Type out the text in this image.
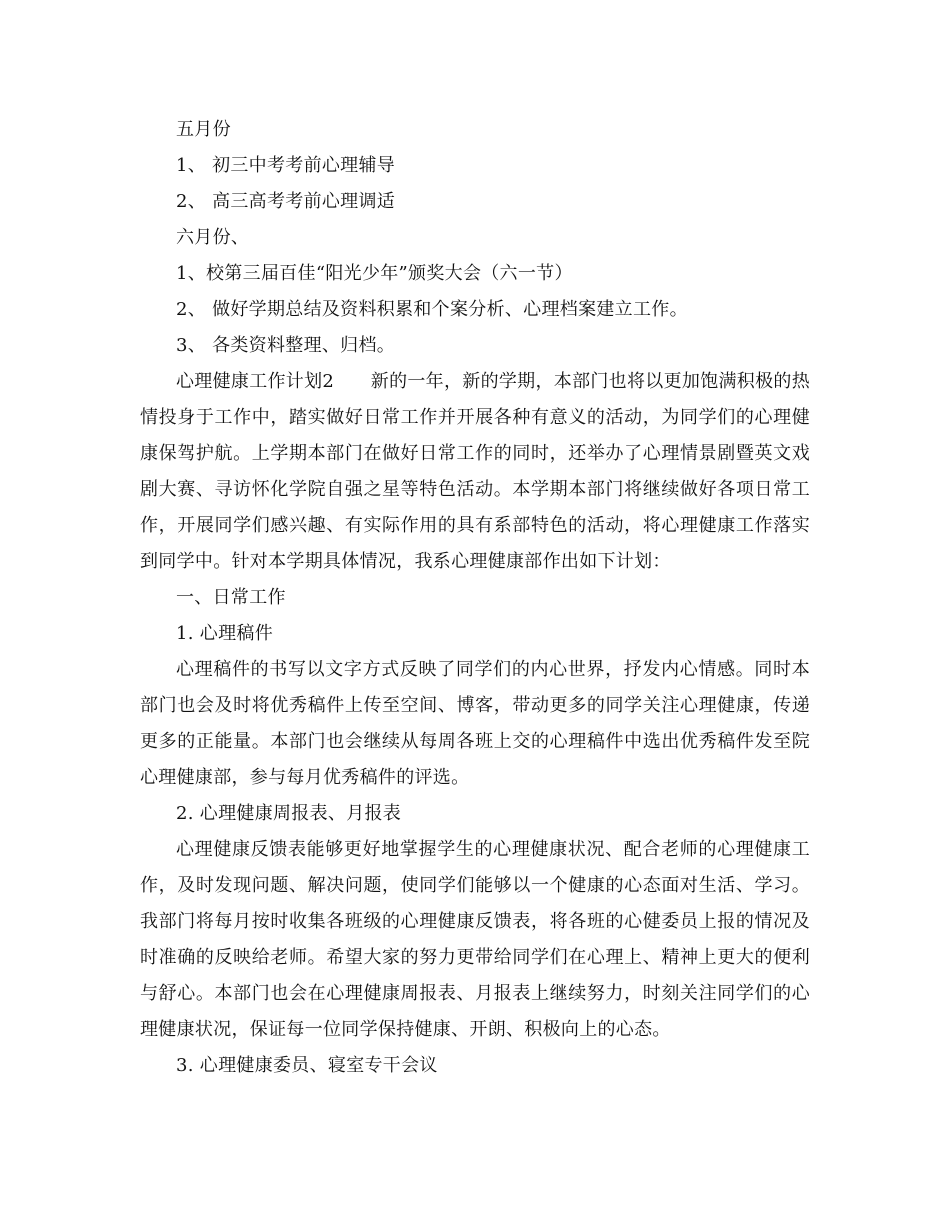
五月份

1、 初三中考考前心理辅导

2、 高三高考考前心理调适

六月份、

1、校第三届百佳“阳光少年”颁奖大会（六一节）

2、 做好学期总结及资料积累和个案分析、心理档案建立工作。

3、 各类资料整理、归档。

心理健康工作计划2　　新的一年，新的学期，本部门也将以更加饱满积极的热情投身于工作中，踏实做好日常工作并开展各种有意义的活动，为同学们的心理健康保驾护航。上学期本部门在做好日常工作的同时，还举办了心理情景剧暨英文戏剧大赛、寻访怀化学院自强之星等特色活动。本学期本部门将继续做好各项日常工作，开展同学们感兴趣、有实际作用的具有系部特色的活动，将心理健康工作落实到同学中。针对本学期具体情况，我系心理健康部作出如下计划：

一、日常工作

1. 心理稿件

心理稿件的书写以文字方式反映了同学们的内心世界，抒发内心情感。同时本部门也会及时将优秀稿件上传至空间、博客，带动更多的同学关注心理健康，传递更多的正能量。本部门也会继续从每周各班上交的心理稿件中选出优秀稿件发至院心理健康部，参与每月优秀稿件的评选。

2. 心理健康周报表、月报表

心理健康反馈表能够更好地掌握学生的心理健康状况、配合老师的心理健康工作，及时发现问题、解决问题，使同学们能够以一个健康的心态面对生活、学习。我部门将每月按时收集各班级的心理健康反馈表，将各班的心健委员上报的情况及时准确的反映给老师。希望大家的努力更带给同学们在心理上、精神上更大的便利与舒心。本部门也会在心理健康周报表、月报表上继续努力，时刻关注同学们的心理健康状况，保证每一位同学保持健康、开朗、积极向上的心态。

3. 心理健康委员、寝室专干会议
